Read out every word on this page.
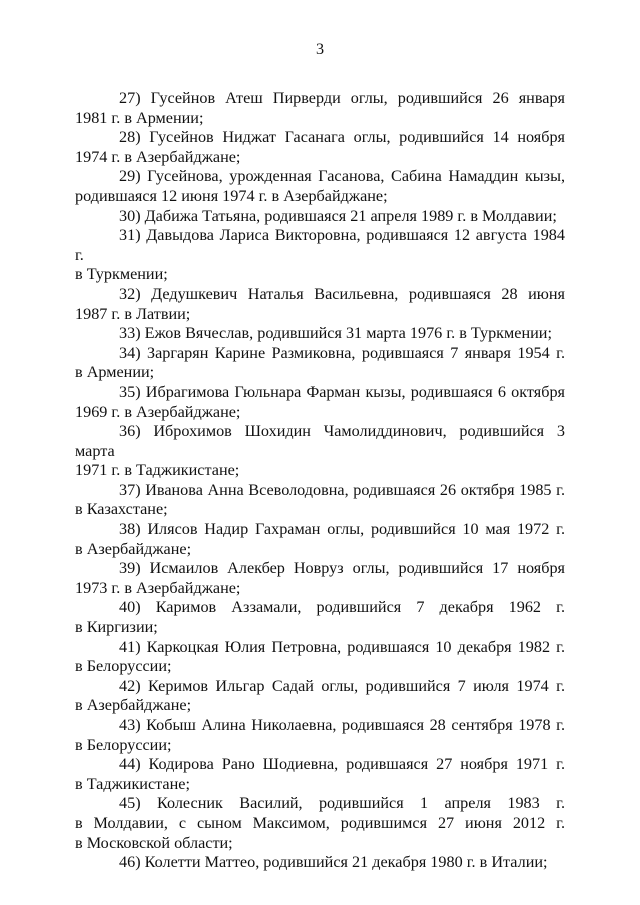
3
27) Гусейнов Атеш Пирверди оглы, родившийся 26 января
1981 г. в Армении;
28) Гусейнов Ниджат Гасанага оглы, родившийся 14 ноября
1974 г. в Азербайджане;
29) Гусейнова, урожденная Гасанова, Сабина Намаддин кызы,
родившаяся 12 июня 1974 г. в Азербайджане;
30) Дабижа Татьяна, родившаяся 21 апреля 1989 г. в Молдавии;
31) Давыдова Лариса Викторовна, родившаяся 12 августа 1984 г.
в Туркмении;
32) Дедушкевич Наталья Васильевна, родившаяся 28 июня
1987 г. в Латвии;
33) Ежов Вячеслав, родившийся 31 марта 1976 г. в Туркмении;
34) Заргарян Карине Размиковна, родившаяся 7 января 1954 г.
в Армении;
35) Ибрагимова Гюльнара Фарман кызы, родившаяся 6 октября
1969 г. в Азербайджане;
36) Иброхимов Шохидин Чамолиддинович, родившийся 3 марта
1971 г. в Таджикистане;
37) Иванова Анна Всеволодовна, родившаяся 26 октября 1985 г.
в Казахстане;
38) Илясов Надир Гахраман оглы, родившийся 10 мая 1972 г.
в Азербайджане;
39) Исмаилов Алекбер Новруз оглы, родившийся 17 ноября
1973 г. в Азербайджане;
40) Каримов Аззамали, родившийся 7 декабря 1962 г.
в Киргизии;
41) Каркоцкая Юлия Петровна, родившаяся 10 декабря 1982 г.
в Белоруссии;
42) Керимов Ильгар Садай оглы, родившийся 7 июля 1974 г.
в Азербайджане;
43) Кобыш Алина Николаевна, родившаяся 28 сентября 1978 г.
в Белоруссии;
44) Кодирова Рано Шодиевна, родившаяся 27 ноября 1971 г.
в Таджикистане;
45) Колесник Василий, родившийся 1 апреля 1983 г.
в Молдавии, с сыном Максимом, родившимся 27 июня 2012 г.
в Московской области;
46) Колетти Маттео, родившийся 21 декабря 1980 г. в Италии;
